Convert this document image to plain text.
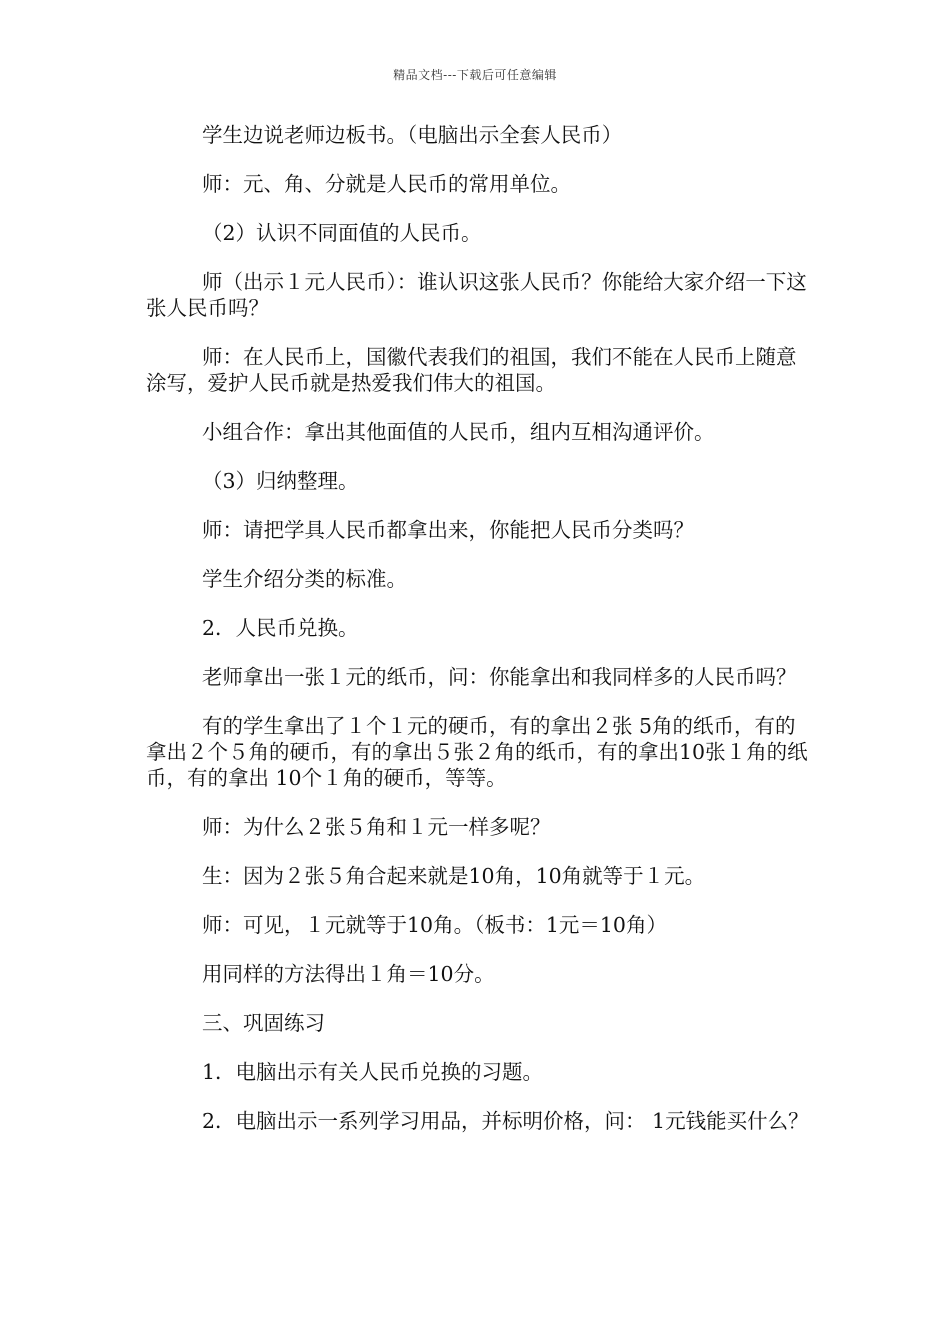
精品文档---下载后可任意编辑

学生边说老师边板书。（电脑出示全套人民币）

师：元、角、分就是人民币的常用单位。

（2）认识不同面值的人民币。

师（出示１元人民币）：谁认识这张人民币？你能给大家介绍一下这张人民币吗？

师：在人民币上，国徽代表我们的祖国，我们不能在人民币上随意涂写，爱护人民币就是热爱我们伟大的祖国。

小组合作：拿出其他面值的人民币，组内互相沟通评价。

（3）归纳整理。

师：请把学具人民币都拿出来，你能把人民币分类吗？

学生介绍分类的标准。

2．人民币兑换。

老师拿出一张１元的纸币，问：你能拿出和我同样多的人民币吗？

有的学生拿出了１个１元的硬币，有的拿出２张 5角的纸币，有的拿出２个５角的硬币，有的拿出５张２角的纸币，有的拿出10张１角的纸币，有的拿出 10个１角的硬币，等等。

师：为什么２张５角和１元一样多呢？

生：因为２张５角合起来就是10角，10角就等于１元。

师：可见，１元就等于10角。（板书：1元＝10角）

用同样的方法得出１角＝10分。

三、巩固练习

1．电脑出示有关人民币兑换的习题。

2．电脑出示一系列学习用品，并标明价格，问： 1元钱能买什么？
